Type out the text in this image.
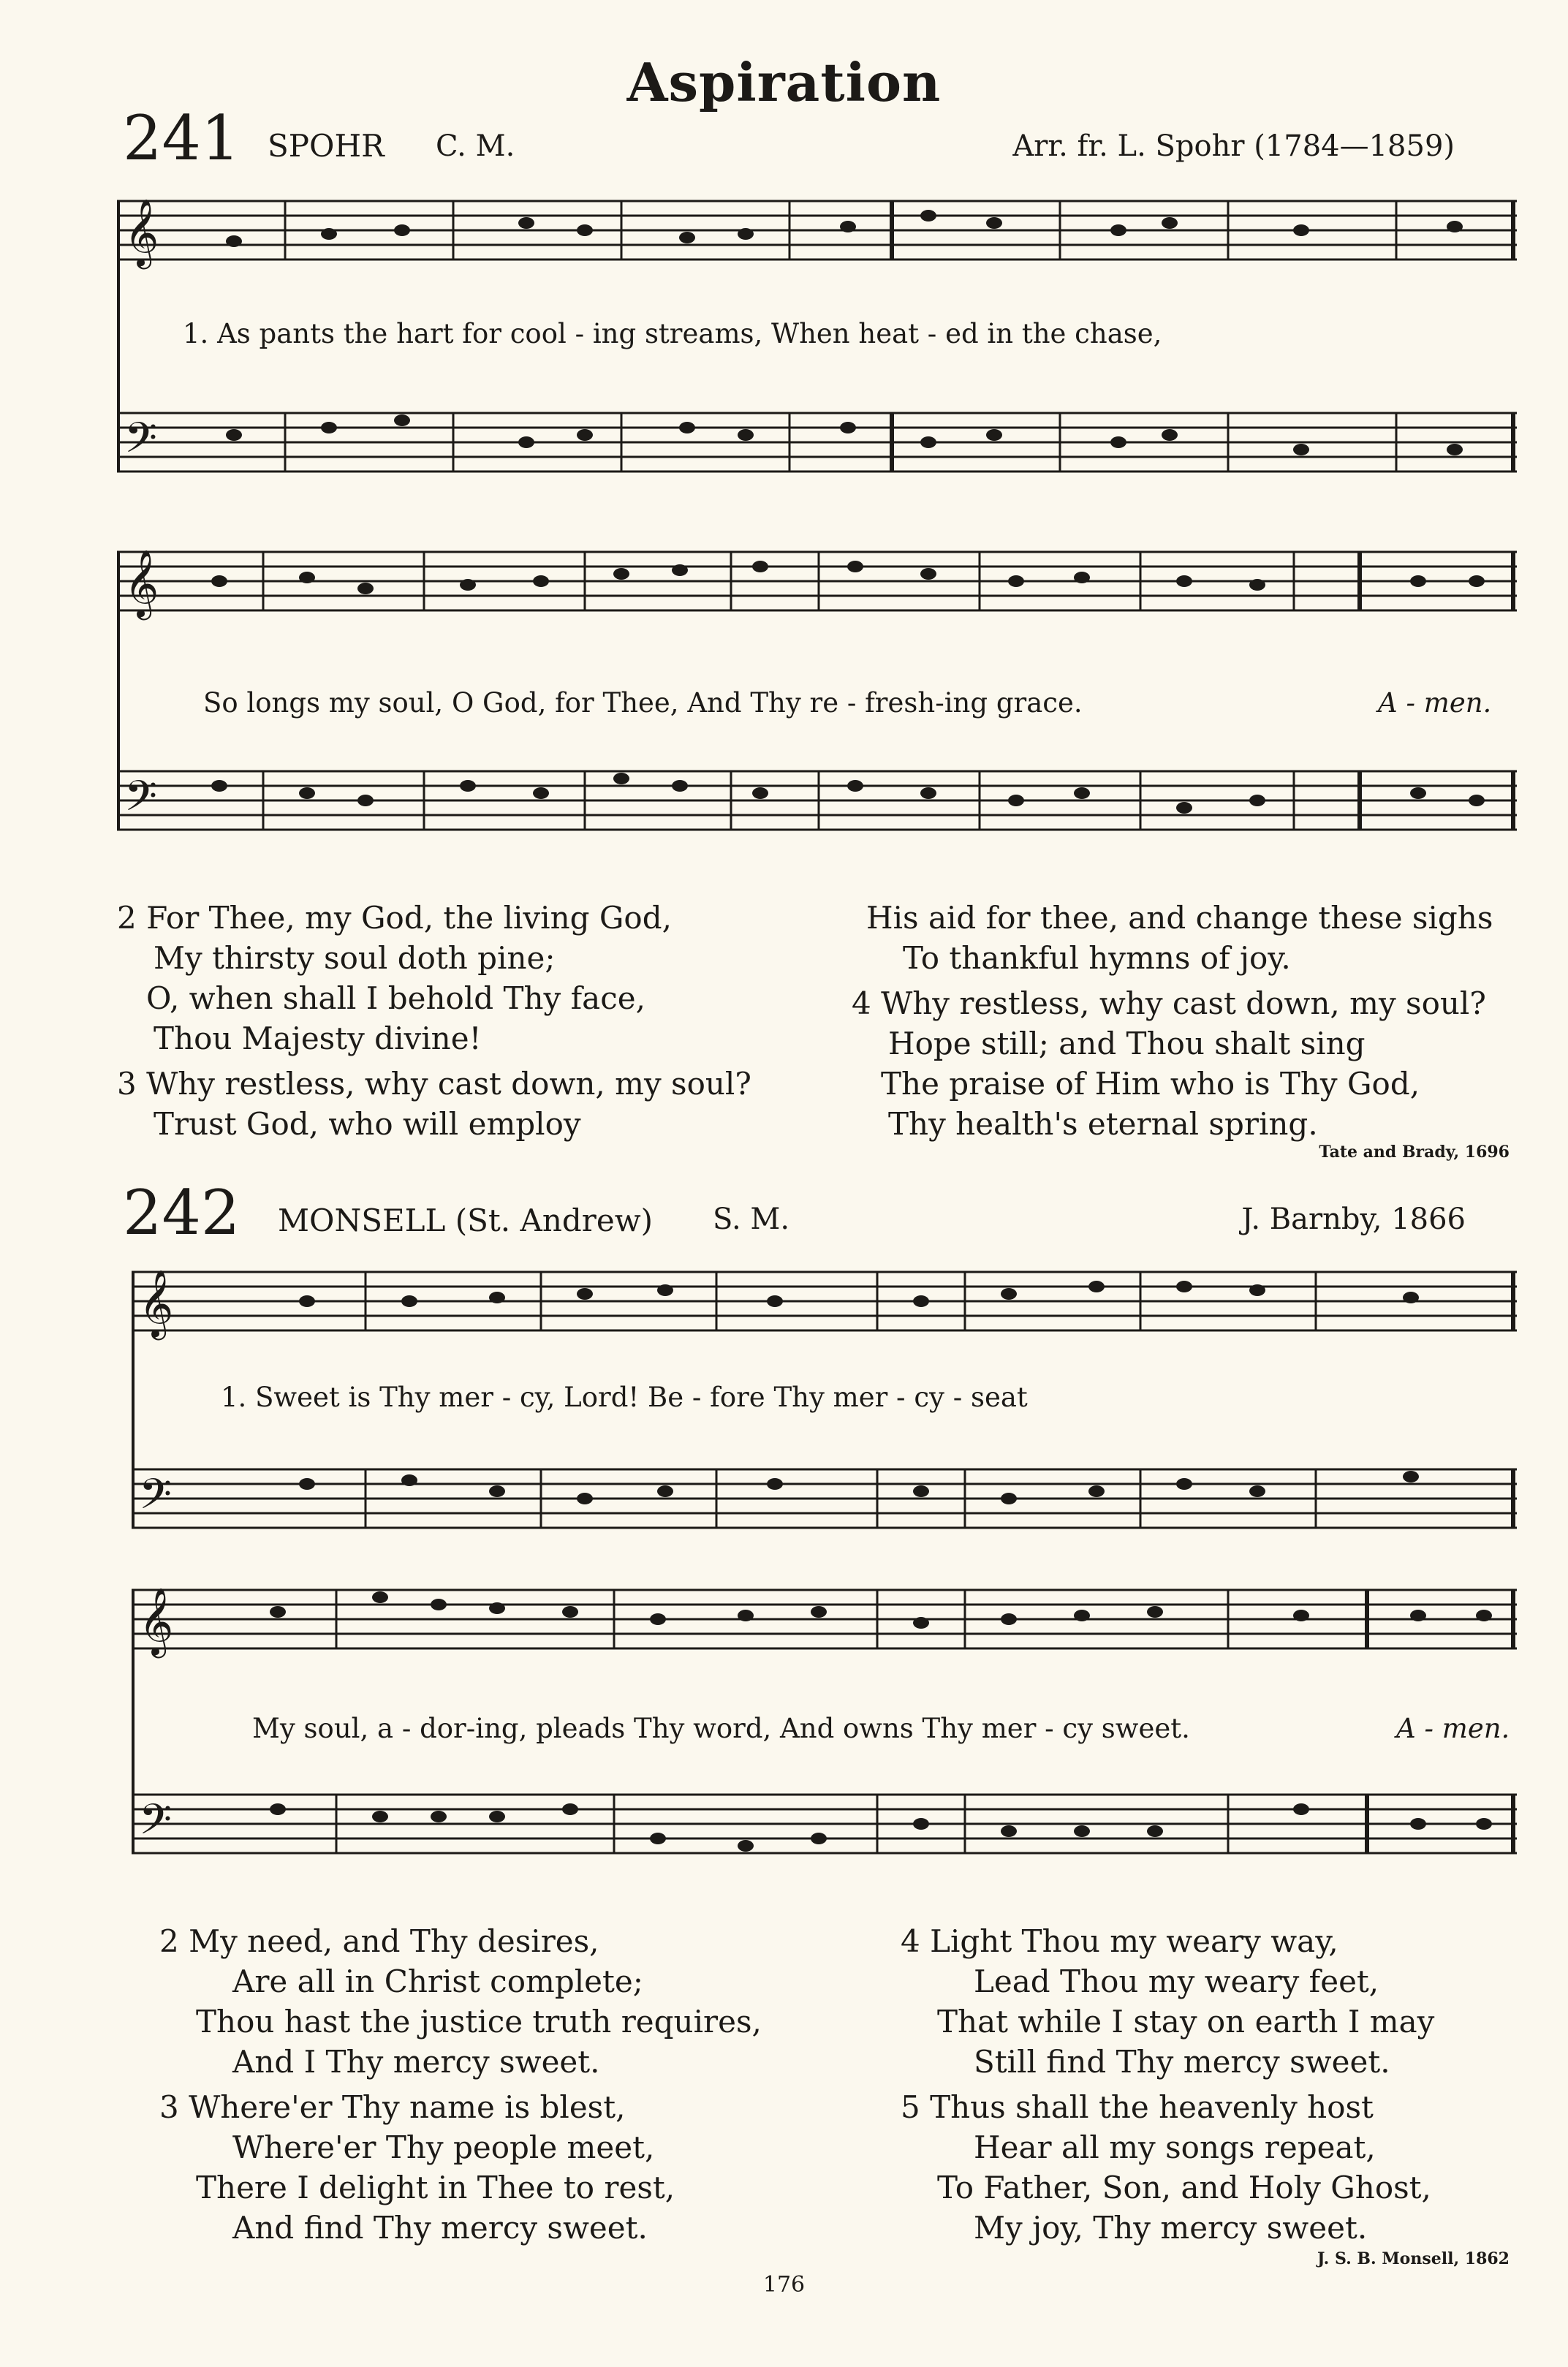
Aspiration
241 SPOHR C. M.	Arr. fr. L. Spohr (1784—1859)
𝄞
𝄢
1. As pants the hart for cool - ing streams, When heat - ed in the chase,
𝄞
𝄢
So longs my soul, O God, for Thee, And Thy re - fresh-ing grace.	A - men.
2 For Thee, my God, the living God,
My thirsty soul doth pine;
O, when shall I behold Thy face,
Thou Majesty divine!
3 Why restless, why cast down, my soul?
Trust God, who will employ
His aid for thee, and change these sighs
To thankful hymns of joy.
4 Why restless, why cast down, my soul?
Hope still; and Thou shalt sing
The praise of Him who is Thy God,
Thy health's eternal spring.
Tate and Brady, 1696
242 MONSELL (St. Andrew) S. M.	J. Barnby, 1866
𝄞
𝄢
1. Sweet is Thy mer - cy, Lord! Be - fore Thy mer - cy - seat
𝄞
𝄢
My soul, a - dor-ing, pleads Thy word, And owns Thy mer - cy sweet.	A - men.
2 My need, and Thy desires,
Are all in Christ complete;
Thou hast the justice truth requires,
And I Thy mercy sweet.
3 Where'er Thy name is blest,
Where'er Thy people meet,
There I delight in Thee to rest,
And find Thy mercy sweet.
4 Light Thou my weary way,
Lead Thou my weary feet,
That while I stay on earth I may
Still find Thy mercy sweet.
5 Thus shall the heavenly host
Hear all my songs repeat,
To Father, Son, and Holy Ghost,
My joy, Thy mercy sweet.
J. S. B. Monsell, 1862
176
